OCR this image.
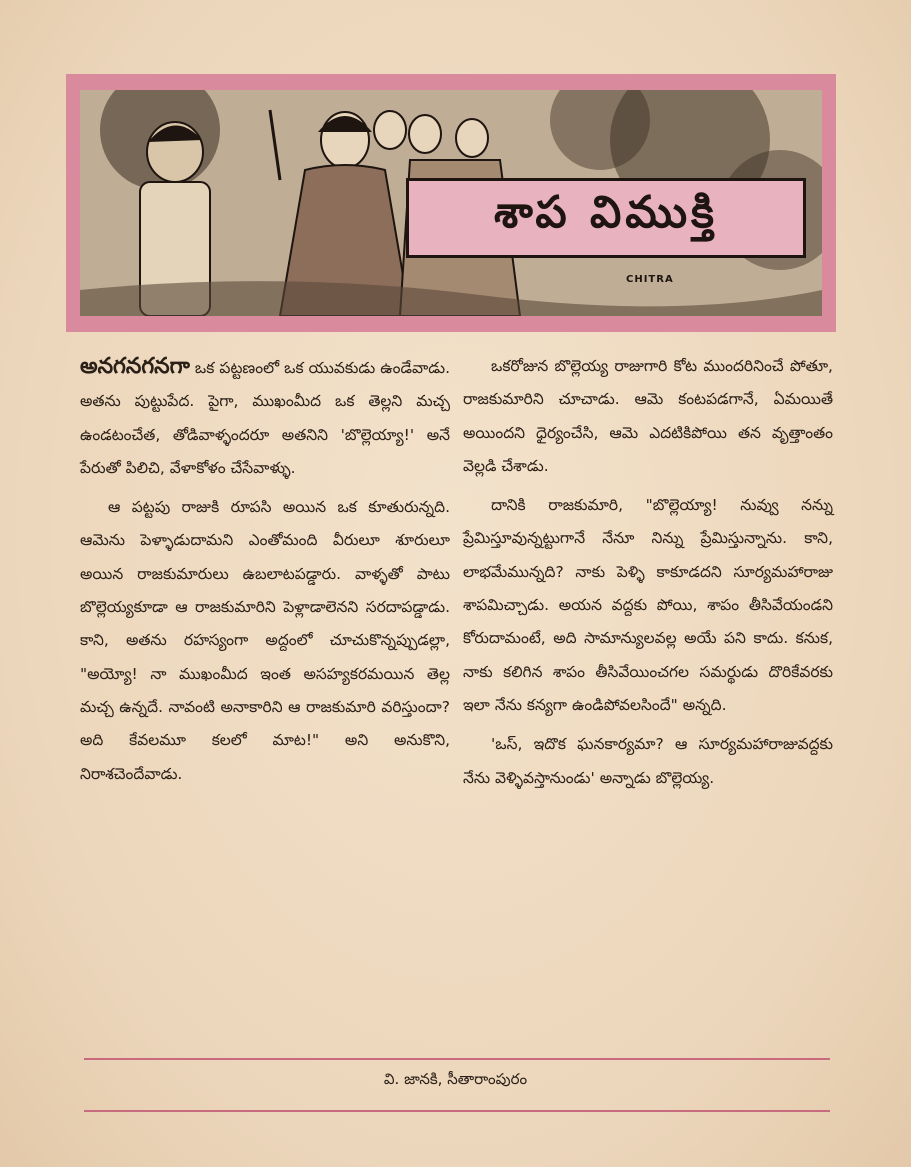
శాప విముక్తి
CHITRA

అనగనగనగా ఒక పట్టణంలో ఒక యువకుడు ఉండేవాడు. అతను పుట్టుపేద. పైగా, ముఖంమీద ఒక తెల్లని మచ్చ ఉండటంచేత, తోడివాళ్ళందరూ అతనిని 'బొల్లెయ్యా!' అనే పేరుతో పిలిచి, వేళాకోళం చేసేవాళ్ళు.

ఆ పట్టపు రాజుకి రూపసి అయిన ఒక కూతురున్నది. ఆమెను పెళ్ళాడుదామని ఎంతోమంది వీరులూ శూరులూ అయిన రాజకుమారులు ఉబలాటపడ్డారు. వాళ్ళతో పాటు బొల్లెయ్యకూడా ఆ రాజకుమారిని పెళ్లాడాలెనని సరదాపడ్డాడు. కాని, అతను రహస్యంగా అద్దంలో చూచుకొన్నప్పుడల్లా, "అయ్యో! నా ముఖంమీద ఇంత అసహ్యకరమయిన తెల్ల మచ్చ ఉన్నదే. నావంటి అనాకారిని ఆ రాజకుమారి వరిస్తుందా? అది కేవలమూ కలలో మాట!" అని అనుకొని, నిరాశచెందేవాడు.

ఒకరోజున బొల్లెయ్య రాజుగారి కోట ముందరినించే పోతూ, రాజకుమారిని చూచాడు. ఆమె కంటపడగానే, ఏమయితే అయిందని ధైర్యంచేసి, ఆమె ఎదటికిపోయి తన వృత్తాంతం వెల్లడి చేశాడు.

దానికి రాజకుమారి, "బొల్లెయ్యా! నువ్వు నన్ను ప్రేమిస్తూవున్నట్టుగానే నేనూ నిన్ను ప్రేమిస్తున్నాను. కాని, లాభమేమున్నది? నాకు పెళ్ళి కాకూడదని సూర్యమహారాజు శాపమిచ్చాడు. అయన వద్దకు పోయి, శాపం తీసివేయండని కోరుదామంటే, అది సామాన్యులవల్ల అయే పని కాదు. కనుక, నాకు కలిగిన శాపం తీసివేయించగల సమర్థుడు దొరికేవరకు ఇలా నేను కన్యగా ఉండిపోవలసిందే" అన్నది.

'ఒస్, ఇదొక ఘనకార్యమా? ఆ సూర్యమహారాజువద్దకు నేను వెళ్ళివస్తానుండు' అన్నాడు బొల్లెయ్య.

వి. జానకి, సీతారాంపురం
